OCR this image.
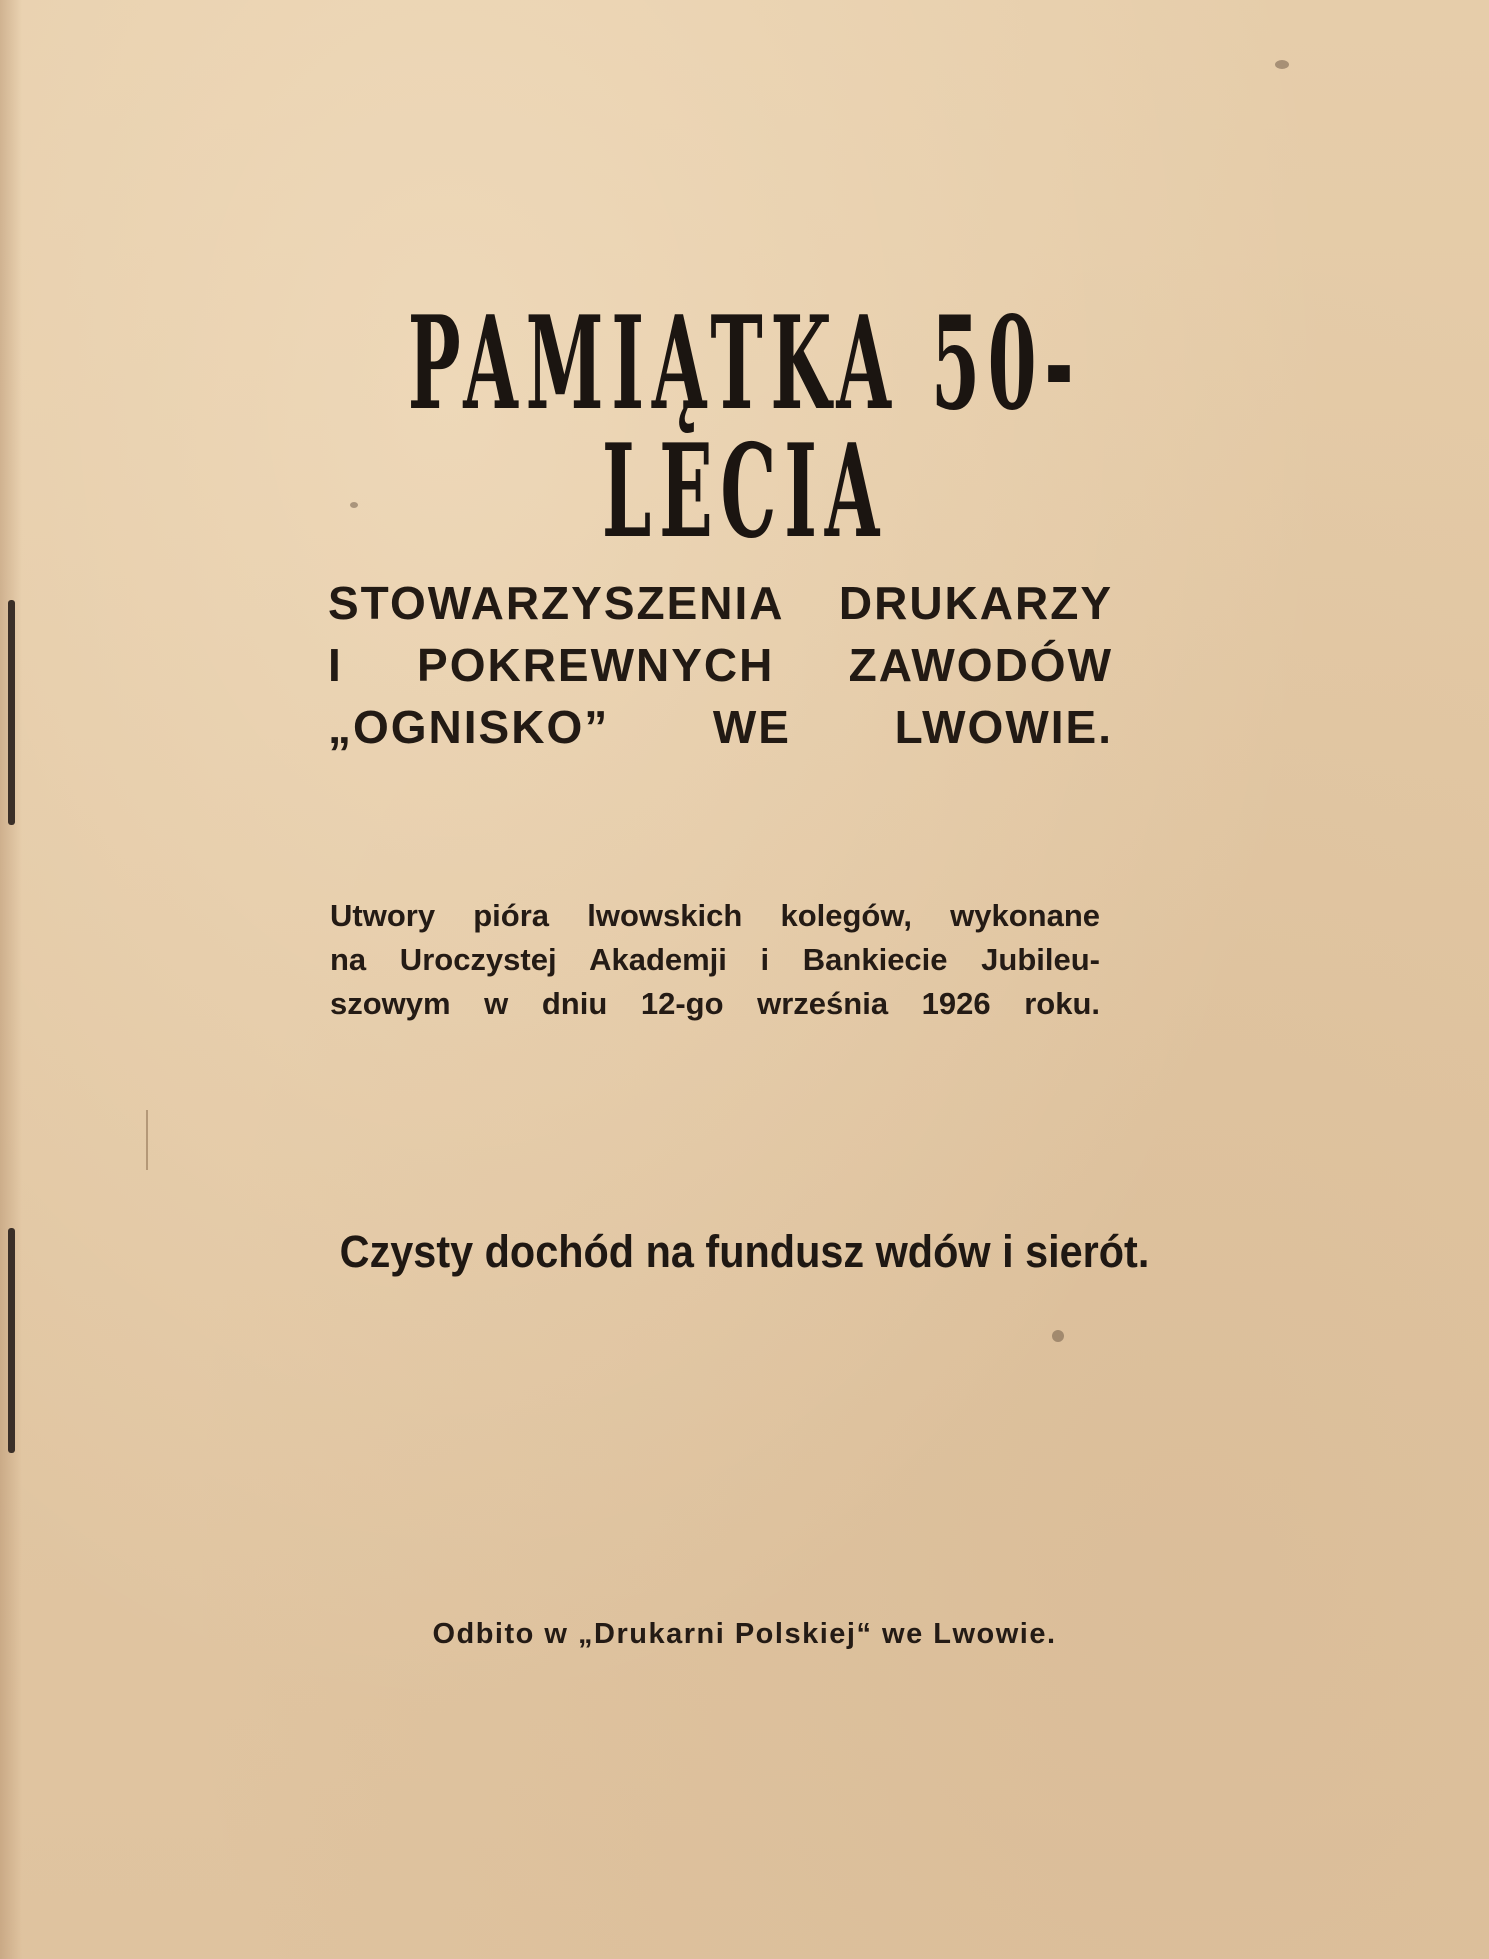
PAMIĄTKA 50-LECIA
STOWARZYSZENIA DRUKARZY
I POKREWNYCH ZAWODÓW
„OGNISKO” WE LWOWIE.
Utwory pióra lwowskich kolegów, wykonane
na Uroczystej Akademji i Bankiecie Jubileu-
szowym w dniu 12-go września 1926 roku.
Czysty dochód na fundusz wdów i sierót.
Odbito w „Drukarni Polskiej“ we Lwowie.
